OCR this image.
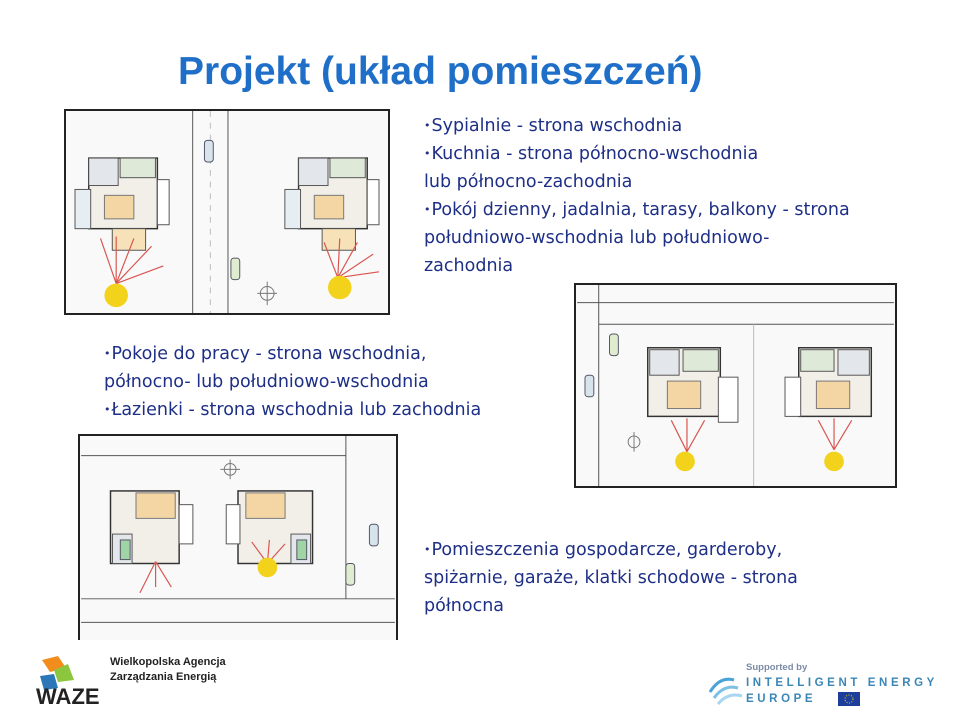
Projekt (układ pomieszczeń)
•Sypialnie - strona wschodnia
•Kuchnia - strona północno-wschodnia
lub północno-zachodnia
•Pokój dzienny, jadalnia, tarasy, balkony - strona
południowo-wschodnia lub południowo-
zachodnia
•Pokoje do pracy - strona wschodnia,
północno- lub południowo-wschodnia
•Łazienki - strona wschodnia lub zachodnia
•Pomieszczenia gospodarcze, garderoby,
spiżarnie, garaże, klatki schodowe - strona
północna
WAZE
Wielkopolska Agencja
Zarządzania Energią
Supported by
INTELLIGENT ENERGY
EUROPE
